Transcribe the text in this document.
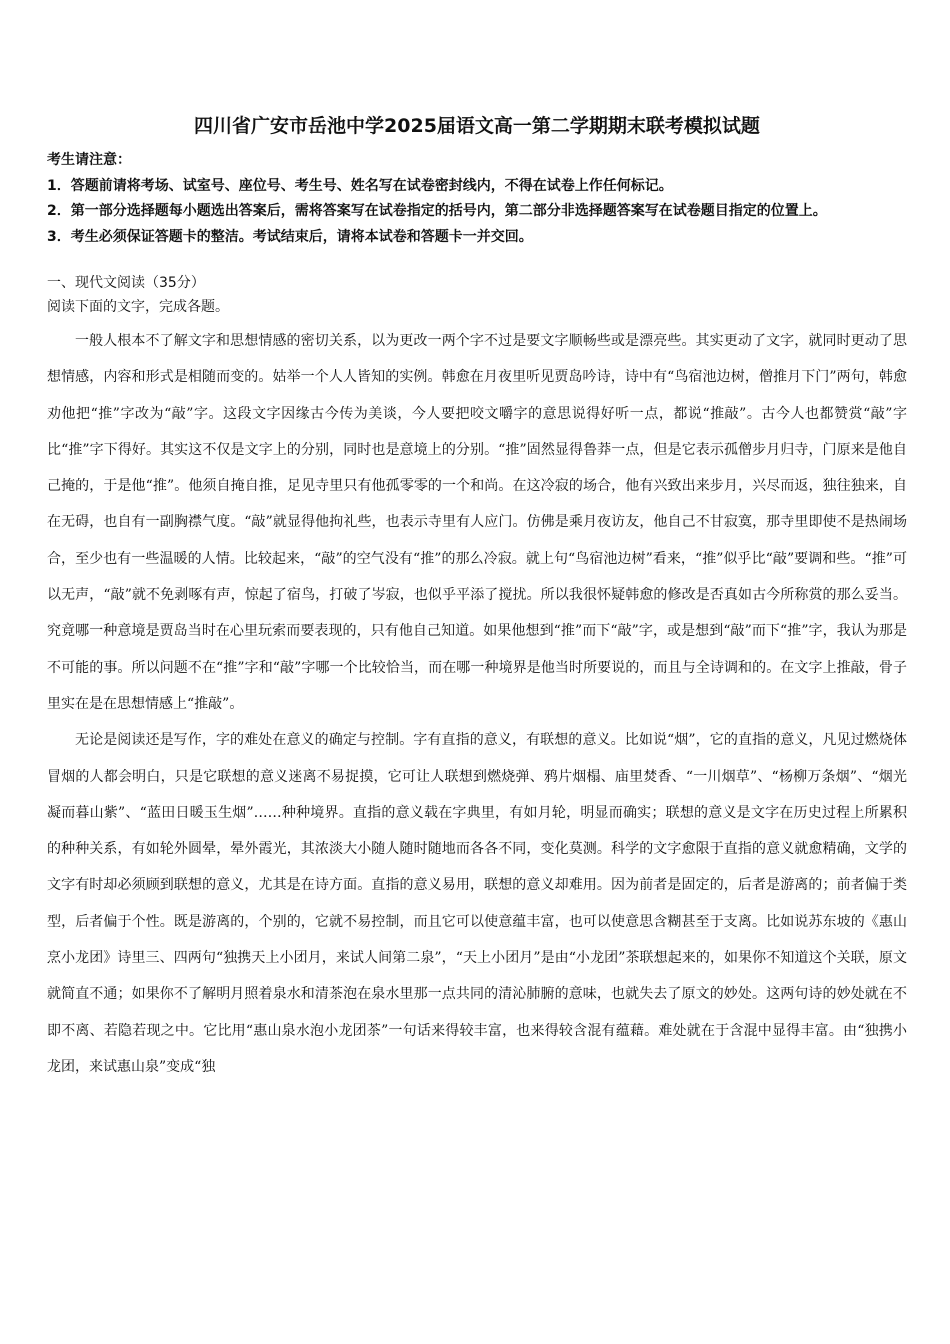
四川省广安市岳池中学2025届语文高一第二学期期末联考模拟试题
考生请注意：
1．答题前请将考场、试室号、座位号、考生号、姓名写在试卷密封线内，不得在试卷上作任何标记。
2．第一部分选择题每小题选出答案后，需将答案写在试卷指定的括号内，第二部分非选择题答案写在试卷题目指定的位置上。
3．考生必须保证答题卡的整洁。考试结束后，请将本试卷和答题卡一并交回。
一、现代文阅读（35分）
阅读下面的文字，完成各题。

一般人根本不了解文字和思想情感的密切关系，以为更改一两个字不过是要文字顺畅些或是漂亮些。其实更动了文字，就同时更动了思想情感，内容和形式是相随而变的。姑举一个人人皆知的实例。韩愈在月夜里听见贾岛吟诗，诗中有“鸟宿池边树，僧推月下门”两句，韩愈劝他把“推”字改为“敲”字。这段文字因缘古今传为美谈，今人要把咬文嚼字的意思说得好听一点，都说“推敲”。古今人也都赞赏“敲”字比“推”字下得好。其实这不仅是文字上的分别，同时也是意境上的分别。“推”固然显得鲁莽一点，但是它表示孤僧步月归寺，门原来是他自己掩的，于是他“推”。他须自掩自推，足见寺里只有他孤零零的一个和尚。在这冷寂的场合，他有兴致出来步月，兴尽而返，独往独来，自在无碍，也自有一副胸襟气度。“敲”就显得他拘礼些，也表示寺里有人应门。仿佛是乘月夜访友，他自己不甘寂寞，那寺里即使不是热闹场合，至少也有一些温暖的人情。比较起来，“敲”的空气没有“推”的那么冷寂。就上句“鸟宿池边树”看来，“推”似乎比“敲”要调和些。“推”可以无声，“敲”就不免剥啄有声，惊起了宿鸟，打破了岑寂，也似乎平添了搅扰。所以我很怀疑韩愈的修改是否真如古今所称赏的那么妥当。究竟哪一种意境是贾岛当时在心里玩索而要表现的，只有他自己知道。如果他想到“推”而下“敲”字，或是想到“敲”而下“推”字，我认为那是不可能的事。所以问题不在“推”字和“敲”字哪一个比较恰当，而在哪一种境界是他当时所要说的，而且与全诗调和的。在文字上推敲，骨子里实在是在思想情感上“推敲”。

无论是阅读还是写作，字的难处在意义的确定与控制。字有直指的意义，有联想的意义。比如说“烟”，它的直指的意义，凡见过燃烧体冒烟的人都会明白，只是它联想的意义迷离不易捉摸，它可让人联想到燃烧弹、鸦片烟榻、庙里焚香、“一川烟草”、“杨柳万条烟”、“烟光凝而暮山紫”、“蓝田日暖玉生烟”……种种境界。直指的意义载在字典里，有如月轮，明显而确实；联想的意义是文字在历史过程上所累积的种种关系，有如轮外圆晕，晕外霞光，其浓淡大小随人随时随地而各各不同，变化莫测。科学的文字愈限于直指的意义就愈精确，文学的文字有时却必须顾到联想的意义，尤其是在诗方面。直指的意义易用，联想的意义却难用。因为前者是固定的，后者是游离的；前者偏于类型，后者偏于个性。既是游离的，个别的，它就不易控制，而且它可以使意蕴丰富，也可以使意思含糊甚至于支离。比如说苏东坡的《惠山烹小龙团》诗里三、四两句“独携天上小团月，来试人间第二泉”，“天上小团月”是由“小龙团”茶联想起来的，如果你不知道这个关联，原文就简直不通；如果你不了解明月照着泉水和清茶泡在泉水里那一点共同的清沁肺腑的意味，也就失去了原文的妙处。这两句诗的妙处就在不即不离、若隐若现之中。它比用“惠山泉水泡小龙团茶”一句话来得较丰富，也来得较含混有蕴藉。难处就在于含混中显得丰富。由“独携小龙团，来试惠山泉”变成“独
